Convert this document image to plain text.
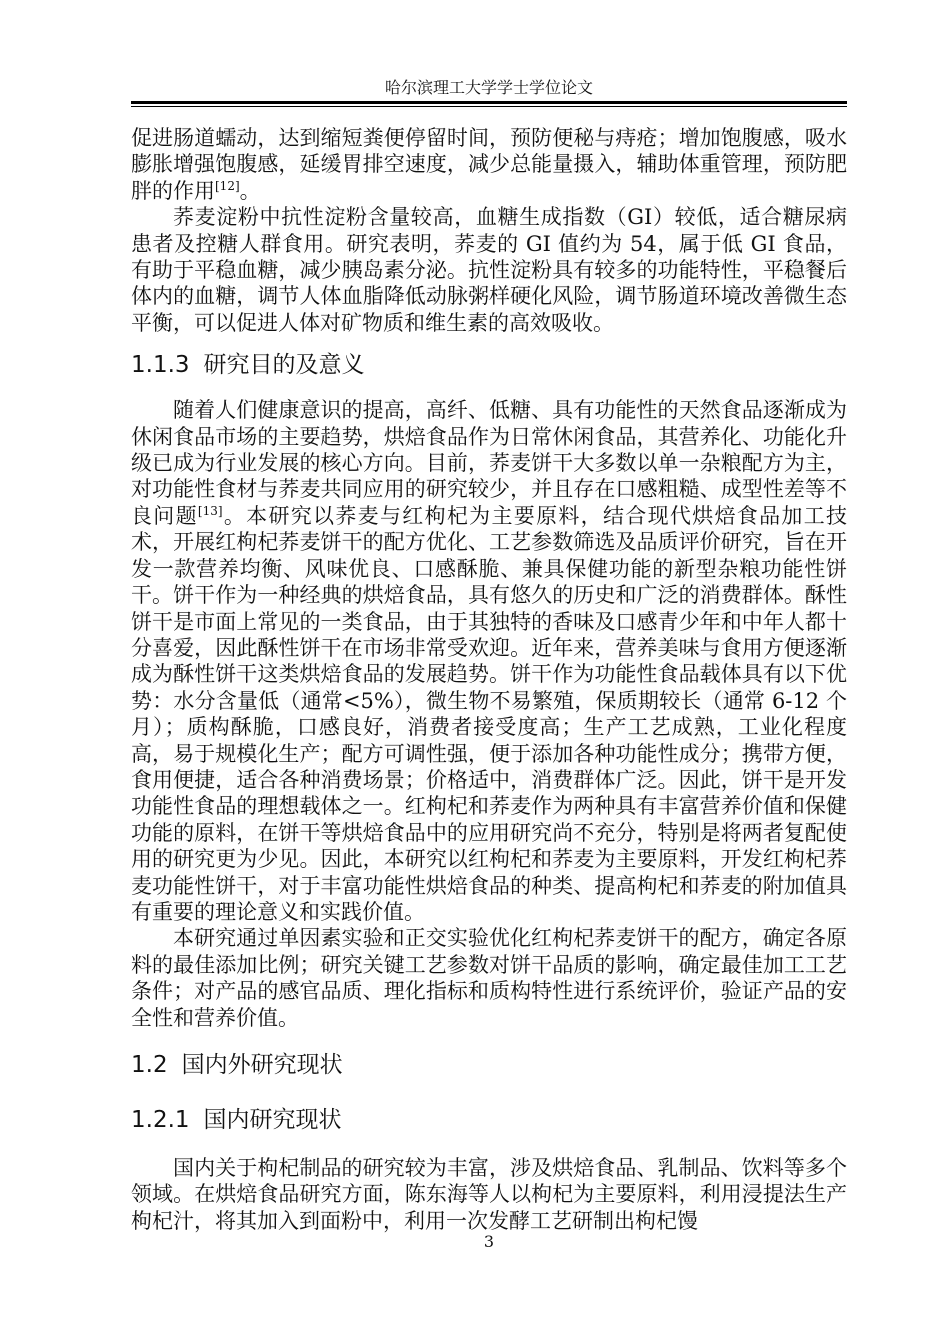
哈尔滨理工大学学士学位论文

促进肠道蠕动，达到缩短粪便停留时间，预防便秘与痔疮；增加饱腹感，吸水膨胀增强饱腹感，延缓胃排空速度，减少总能量摄入，辅助体重管理，预防肥胖的作用[12]。

荞麦淀粉中抗性淀粉含量较高，血糖生成指数（GI）较低，适合糖尿病患者及控糖人群食用。研究表明，荞麦的 GI 值约为 54，属于低 GI 食品，有助于平稳血糖，减少胰岛素分泌。抗性淀粉具有较多的功能特性，平稳餐后体内的血糖，调节人体血脂降低动脉粥样硬化风险，调节肠道环境改善微生态平衡，可以促进人体对矿物质和维生素的高效吸收。

1.1.3 研究目的及意义

随着人们健康意识的提高，高纤、低糖、具有功能性的天然食品逐渐成为休闲食品市场的主要趋势，烘焙食品作为日常休闲食品，其营养化、功能化升级已成为行业发展的核心方向。目前，荞麦饼干大多数以单一杂粮配方为主，对功能性食材与荞麦共同应用的研究较少，并且存在口感粗糙、成型性差等不良问题[13]。本研究以荞麦与红枸杞为主要原料，结合现代烘焙食品加工技术，开展红枸杞荞麦饼干的配方优化、工艺参数筛选及品质评价研究，旨在开发一款营养均衡、风味优良、口感酥脆、兼具保健功能的新型杂粮功能性饼干。饼干作为一种经典的烘焙食品，具有悠久的历史和广泛的消费群体。酥性饼干是市面上常见的一类食品，由于其独特的香味及口感青少年和中年人都十分喜爱，因此酥性饼干在市场非常受欢迎。近年来，营养美味与食用方便逐渐成为酥性饼干这类烘焙食品的发展趋势。饼干作为功能性食品载体具有以下优势：水分含量低（通常<5%），微生物不易繁殖，保质期较长（通常 6-12 个月）；质构酥脆，口感良好，消费者接受度高；生产工艺成熟，工业化程度高，易于规模化生产；配方可调性强，便于添加各种功能性成分；携带方便，食用便捷，适合各种消费场景；价格适中，消费群体广泛。因此，饼干是开发功能性食品的理想载体之一。红枸杞和荞麦作为两种具有丰富营养价值和保健功能的原料，在饼干等烘焙食品中的应用研究尚不充分，特别是将两者复配使用的研究更为少见。因此，本研究以红枸杞和荞麦为主要原料，开发红枸杞荞麦功能性饼干，对于丰富功能性烘焙食品的种类、提高枸杞和荞麦的附加值具有重要的理论意义和实践价值。

本研究通过单因素实验和正交实验优化红枸杞荞麦饼干的配方，确定各原料的最佳添加比例；研究关键工艺参数对饼干品质的影响，确定最佳加工工艺条件；对产品的感官品质、理化指标和质构特性进行系统评价，验证产品的安全性和营养价值。

1.2 国内外研究现状
1.2.1 国内研究现状

国内关于枸杞制品的研究较为丰富，涉及烘焙食品、乳制品、饮料等多个领域。在烘焙食品研究方面，陈东海等人以枸杞为主要原料，利用浸提法生产枸杞汁，将其加入到面粉中，利用一次发酵工艺研制出枸杞馒

3
